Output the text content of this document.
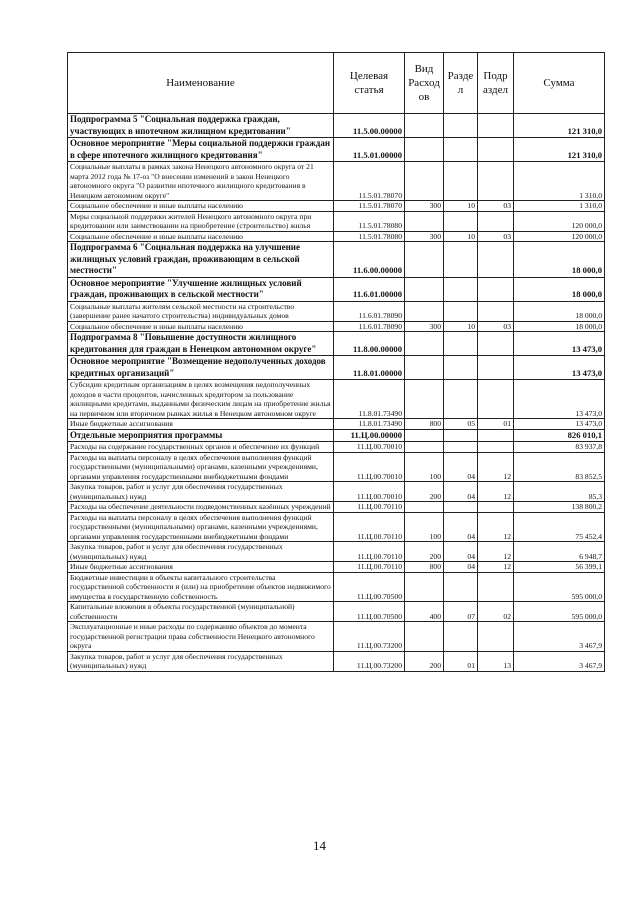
Наименование	Целевая статья	Вид Расход ов	Разде л	Подр аздел	Сумма
Подпрограмма 5 "Социальная поддержка граждан, участвующих в ипотечном жилищном кредитовании"	11.5.00.00000				121 310,0
Основное мероприятие "Меры социальной поддержки граждан в сфере ипотечного жилищного кредитования"	11.5.01.00000				121 310,0
Социальные выплаты в рамках закона Ненецкого автономного округа от 21 марта 2012 года № 17-оз "О внесении изменений в закон Ненецкого автономного округа "О развитии ипотечного жилищного кредитования в Ненецком автономном округе"	11.5.01.78070				1 310,0
Социальное обеспечение и иные выплаты населению	11.5.01.78070	300	10	03	1 310,0
Меры социальной поддержки жителей Ненецкого автономного округа при кредитовании или заимствовании на приобретение (строительство) жилья	11.5.01.78080				120 000,0
Социальное обеспечение и иные выплаты населению	11.5.01.78080	300	10	03	120 000,0
Подпрограмма 6 "Социальная поддержка на улучшение жилищных условий граждан, проживающим в сельской местности"	11.6.00.00000				18 000,0
Основное мероприятие "Улучшение жилищных условий граждан, проживающих в сельской местности"	11.6.01.00000				18 000,0
Социальные выплаты жителям сельской местности на строительство (завершение ранее начатого строительства) индивидуальных домов	11.6.01.78090				18 000,0
Социальное обеспечение и иные выплаты населению	11.6.01.78090	300	10	03	18 000,0
Подпрограмма 8 "Повышение доступности жилищного кредитования для граждан в Ненецком автономном округе"	11.8.00.00000				13 473,0
Основное мероприятие "Возмещение недополученных доходов кредитных организаций"	11.8.01.00000				13 473,0
Субсидии кредитным организациям в целях возмещения недополученных доходов в части процентов, начисленных кредитором за пользование жилищными кредитами, выданными физическим лицам на приобретение жилья на первичном или вторичном рынках жилья в Ненецком автономном округе	11.8.01.73490				13 473,0
Иные бюджетные ассигнования	11.8.01.73490	800	05	01	13 473,0
Отдельные мероприятия программы	11.Ц.00.00000				826 010,1
Расходы на содержание государственных органов и обеспечение их функций	11.Ц.00.70010				83 937,8
Расходы на выплаты персоналу в целях обеспечения выполнения функций государственными (муниципальными) органами, казенными учреждениями, органами управления государственными внебюджетными фондами	11.Ц.00.70010	100	04	12	83 852,5
Закупка товаров, работ и услуг для обеспечения государственных (муниципальных) нужд	11.Ц.00.70010	200	04	12	85,3
Расходы на обеспечение деятельности подведомственных казённых учреждений	11.Ц.00.70110				138 800,2
Расходы на выплаты персоналу в целях обеспечения выполнения функций государственными (муниципальными) органами, казенными учреждениями, органами управления государственными внебюджетными фондами	11.Ц.00.70110	100	04	12	75 452,4
Закупка товаров, работ и услуг для обеспечения государственных (муниципальных) нужд	11.Ц.00.70110	200	04	12	6 948,7
Иные бюджетные ассигнования	11.Ц.00.70110	800	04	12	56 399,1
Бюджетные инвестиции в объекты капитального строительства государственной собственности и (или) на приобретение объектов недвижимого имущества в государственную собственность	11.Ц.00.70500				595 000,0
Капитальные вложения в объекты государственной (муниципальной) собственности	11.Ц.00.70500	400	07	02	595 000,0
Эксплуатационные и иные расходы по содержанию объектов до момента государственной регистрации права собственности Ненецкого автономного округа	11.Ц.00.73200				3 467,9
Закупка товаров, работ и услуг для обеспечения государственных (муниципальных) нужд	11.Ц.00.73200	200	01	13	3 467,9
14
